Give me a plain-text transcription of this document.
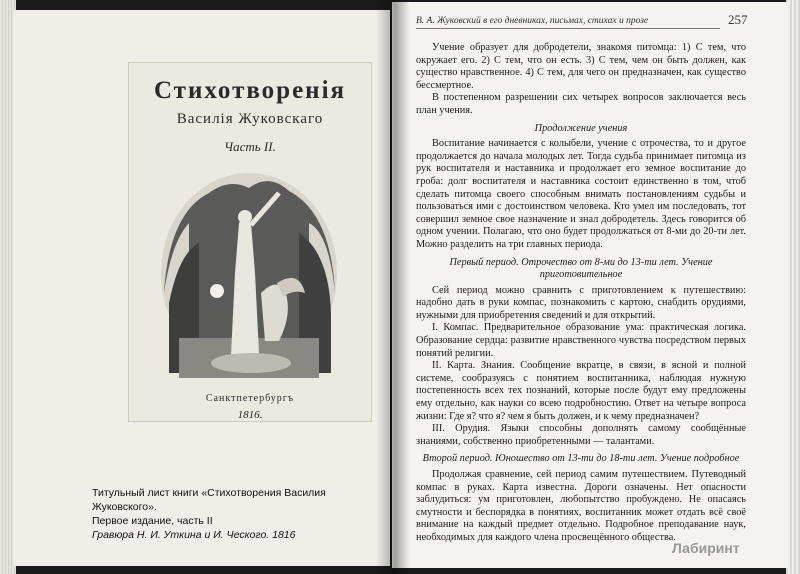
Стихотворенія
Василія Жуковскаго
Часть II.
Санктпетербургъ
1816.
Титульный лист книги «Стихотворения Василия Жуковского».
Первое издание, часть II
Гравюра Н. И. Уткина и И. Ческого. 1816
В. А. Жуковский в его дневниках, письмах, стихах и прозе	257

Учение образует для добродетели, знакомя питомца: 1) С тем, что окружает его. 2) С тем, что он есть. 3) С тем, чем он быть должен, как существо нравственное. 4) С тем, для чего он предназначен, как существо бессмертное.

В постепенном разрешении сих четырех вопросов заключается весь план учения.

Продолжение учения

Воспитание начинается с колыбели, учение с отрочества, то и другое продолжается до начала молодых лет. Тогда судьба принимает питомца из рук воспитателя и наставника и продолжает его земное воспитание до гроба: долг воспитателя и наставника состоит единственно в том, чтоб сделать питомца своего способным внимать постановлениям судьбы и пользоваться ими с достоинством человека. Кто умел им последовать, тот совершил земное свое назначение и знал добродетель. Здесь говорится об одном учении. Полагаю, что оно будет продолжаться от 8-ми до 20-ти лет. Можно разделить на три главных периода.

Первый период. Отрочество от 8-ми до 13-ти лет. Учение приготовительное

Сей период можно сравнить с приготовлением к путешествию: надобно дать в руки компас, познакомить с картою, снабдить орудиями, нужными для приобретения сведений и для открытий.

I. Компас. Предварительное образование ума: практическая логика. Образование сердца: развитие нравственного чувства посредством первых понятий религии.

II. Карта. Знания. Сообщение вкратце, в связи, в ясной и полной системе, сообразуясь с понятием воспитанника, наблюдая нужную постепенность всех тех познаний, которые после будут ему предложены ему отдельно, как науки со всею подробностию. Ответ на четыре вопроса жизни: Где я? что я? чем я быть должен, и к чему предназначен?

III. Орудия. Языки способны дополнять самому сообщённые знаниями, собственно приобретенными — талантами.

Второй период. Юношество от 13-ти до 18-ти лет. Учение подробное

Продолжая сравнение, сей период самим путешествием. Путеводный компас в руках. Карта известна. Дороги означены. Нет опасности заблудиться: ум приготовлен, любопытство пробуждено. Не опасаясь смутности и беспорядка в понятиях, воспитанник может отдать всё своё внимание на каждый предмет отдельно. Подробное преподавание наук, необходимых для каждого члена просвещённого общества.

Лабиринт
